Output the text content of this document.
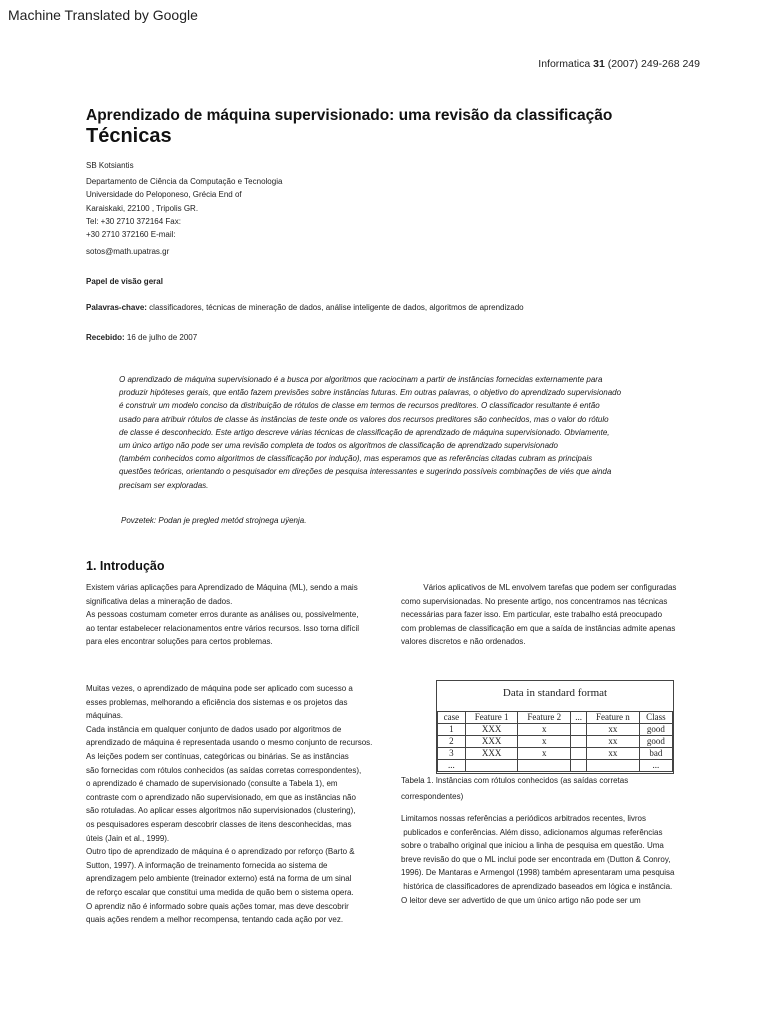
Machine Translated by Google
Informatica 31 (2007) 249-268 249
Aprendizado de máquina supervisionado: uma revisão da classificação
Técnicas
SB Kotsiantis
Departamento de Ciência da Computação e Tecnologia
Universidade do Peloponeso, Grécia End of
Karaiskaki, 22100 , Tripolis GR.
Tel: +30 2710 372164 Fax:
+30 2710 372160 E-mail:
sotos@math.upatras.gr
Papel de visão geral
Palavras-chave: classificadores, técnicas de mineração de dados, análise inteligente de dados, algoritmos de aprendizado
Recebido: 16 de julho de 2007
O aprendizado de máquina supervisionado é a busca por algoritmos que raciocinam a partir de instâncias fornecidas externamente para
produzir hipóteses gerais, que então fazem previsões sobre instâncias futuras. Em outras palavras, o objetivo do aprendizado supervisionado
é construir um modelo conciso da distribuição de rótulos de classe em termos de recursos preditores. O classificador resultante é então
usado para atribuir rótulos de classe às instâncias de teste onde os valores dos recursos preditores são conhecidos, mas o valor do rótulo
de classe é desconhecido. Este artigo descreve várias técnicas de classificação de aprendizado de máquina supervisionado. Obviamente,
um único artigo não pode ser uma revisão completa de todos os algoritmos de classificação de aprendizado supervisionado
(também conhecidos como algoritmos de classificação por indução), mas esperamos que as referências citadas cubram as principais
questões teóricas, orientando o pesquisador em direções de pesquisa interessantes e sugerindo possíveis combinações de viés que ainda
precisam ser exploradas.
Povzetek: Podan je pregled metód strojnega uÿenja.
1. Introdução
Existem várias aplicações para Aprendizado de Máquina (ML), sendo a mais
significativa delas a mineração de dados.
As pessoas costumam cometer erros durante as análises ou, possivelmente,
ao tentar estabelecer relacionamentos entre vários recursos. Isso torna difícil
para eles encontrar soluções para certos problemas.
Muitas vezes, o aprendizado de máquina pode ser aplicado com sucesso a
esses problemas, melhorando a eficiência dos sistemas e os projetos das
máquinas.
Cada instância em qualquer conjunto de dados usado por algoritmos de
aprendizado de máquina é representada usando o mesmo conjunto de recursos.
As leições podem ser contínuas, categóricas ou binárias. Se as instâncias
são fornecidas com rótulos conhecidos (as saídas corretas correspondentes),
o aprendizado é chamado de supervisionado (consulte a Tabela 1), em
contraste com o aprendizado não supervisionado, em que as instâncias não
são rotuladas. Ao aplicar esses algoritmos não supervisionados (clustering),
os pesquisadores esperam descobrir classes de itens desconhecidas, mas
úteis (Jain et al., 1999).
Outro tipo de aprendizado de máquina é o aprendizado por reforço (Barto &
Sutton, 1997). A informação de treinamento fornecida ao sistema de
aprendizagem pelo ambiente (treinador externo) está na forma de um sinal
de reforço escalar que constitui uma medida de quão bem o sistema opera.
O aprendiz não é informado sobre quais ações tomar, mas deve descobrir
quais ações rendem a melhor recompensa, tentando cada ação por vez.
Vários aplicativos de ML envolvem tarefas que podem ser configuradas
como supervisionadas. No presente artigo, nos concentramos nas técnicas
necessárias para fazer isso. Em particular, este trabalho está preocupado
com problemas de classificação em que a saída de instâncias admite apenas
valores discretos e não ordenados.
Data in standard format
case	Feature 1	Feature 2	...	Feature n	Class
1	XXX	x		xx	good
2	XXX	x		xx	good
3	XXX	x		xx	bad
...					...
Tabela 1. Instâncias com rótulos conhecidos (as saídas corretas
correspondentes)
Limitamos nossas referências a periódicos arbitrados recentes, livros
publicados e conferências. Além disso, adicionamos algumas referências
sobre o trabalho original que iniciou a linha de pesquisa em questão. Uma
breve revisão do que o ML inclui pode ser encontrada em (Dutton & Conroy,
1996). De Mantaras e Armengol (1998) também apresentaram uma pesquisa
histórica de classificadores de aprendizado baseados em lógica e instância.
O leitor deve ser advertido de que um único artigo não pode ser um
